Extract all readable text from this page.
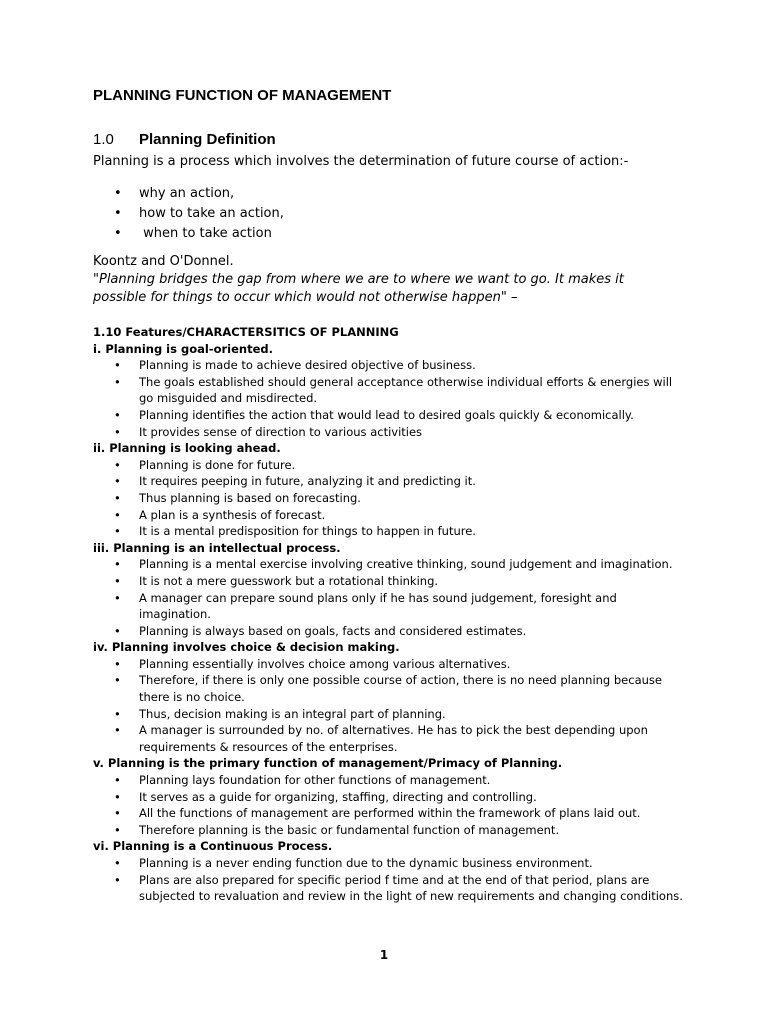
PLANNING FUNCTION OF MANAGEMENT
1.0 Planning Definition

Planning is a process which involves the determination of future course of action:-

• why an action,
• how to take an action,
•  when to take action

Koontz and O'Donnel.

"Planning bridges the gap from where we are to where we want to go. It makes it possible for things to occur which would not otherwise happen" –

1.10 Features/CHARACTERSITICS OF PLANNING
i. Planning is goal-oriented.
• Planning is made to achieve desired objective of business.
• The goals established should general acceptance otherwise individual efforts & energies will go misguided and misdirected.
• Planning identifies the action that would lead to desired goals quickly & economically.
• It provides sense of direction to various activities
ii. Planning is looking ahead.
• Planning is done for future.
• It requires peeping in future, analyzing it and predicting it.
• Thus planning is based on forecasting.
• A plan is a synthesis of forecast.
• It is a mental predisposition for things to happen in future.
iii. Planning is an intellectual process.
• Planning is a mental exercise involving creative thinking, sound judgement and imagination.
• It is not a mere guesswork but a rotational thinking.
• A manager can prepare sound plans only if he has sound judgement, foresight and imagination.
• Planning is always based on goals, facts and considered estimates.
iv. Planning involves choice & decision making.
• Planning essentially involves choice among various alternatives.
• Therefore, if there is only one possible course of action, there is no need planning because there is no choice.
• Thus, decision making is an integral part of planning.
• A manager is surrounded by no. of alternatives. He has to pick the best depending upon requirements & resources of the enterprises.
v. Planning is the primary function of management/Primacy of Planning.
• Planning lays foundation for other functions of management.
• It serves as a guide for organizing, staffing, directing and controlling.
• All the functions of management are performed within the framework of plans laid out.
• Therefore planning is the basic or fundamental function of management.
vi. Planning is a Continuous Process.
• Planning is a never ending function due to the dynamic business environment.
• Plans are also prepared for specific period f time and at the end of that period, plans are subjected to revaluation and review in the light of new requirements and changing conditions.

1
